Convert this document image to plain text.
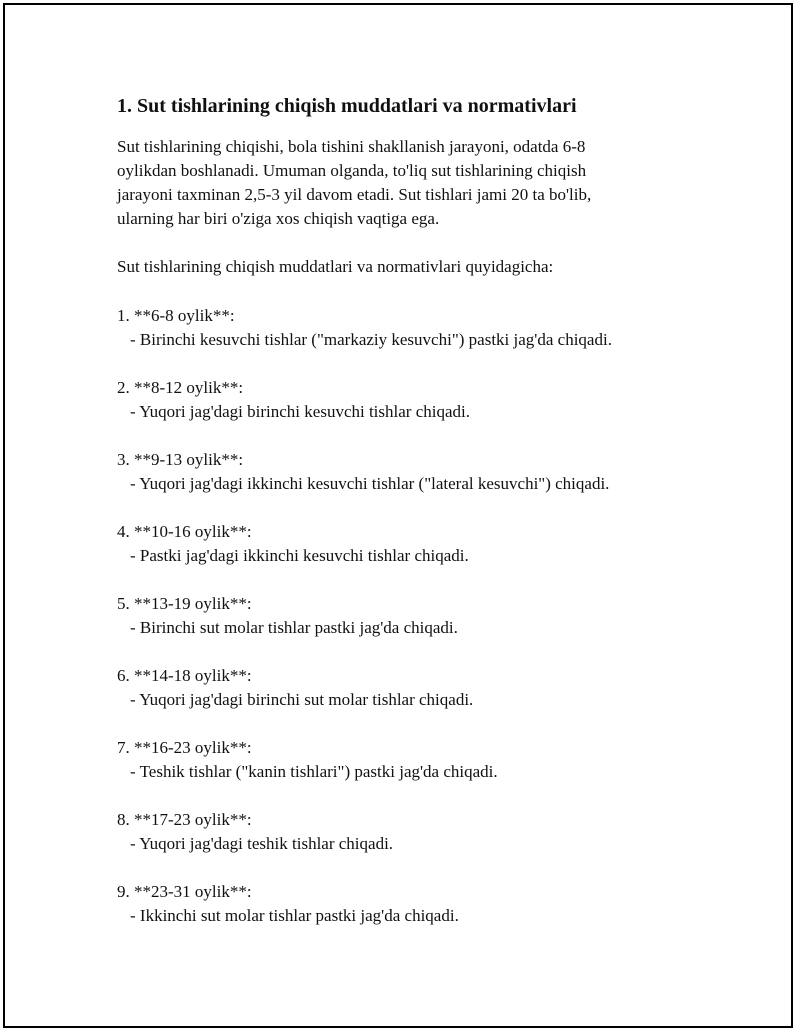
1. Sut tishlarining chiqish muddatlari va normativlari
Sut tishlarining chiqishi, bola tishini shakllanish jarayoni, odatda 6-8
oylikdan boshlanadi. Umuman olganda, to'liq sut tishlarining chiqish
jarayoni taxminan 2,5-3 yil davom etadi. Sut tishlari jami 20 ta bo'lib,
ularning har biri o'ziga xos chiqish vaqtiga ega.
Sut tishlarining chiqish muddatlari va normativlari quyidagicha:
1. **6-8 oylik**:
- Birinchi kesuvchi tishlar ("markaziy kesuvchi") pastki jag'da chiqadi.
2. **8-12 oylik**:
- Yuqori jag'dagi birinchi kesuvchi tishlar chiqadi.
3. **9-13 oylik**:
- Yuqori jag'dagi ikkinchi kesuvchi tishlar ("lateral kesuvchi") chiqadi.
4. **10-16 oylik**:
- Pastki jag'dagi ikkinchi kesuvchi tishlar chiqadi.
5. **13-19 oylik**:
- Birinchi sut molar tishlar pastki jag'da chiqadi.
6. **14-18 oylik**:
- Yuqori jag'dagi birinchi sut molar tishlar chiqadi.
7. **16-23 oylik**:
- Teshik tishlar ("kanin tishlari") pastki jag'da chiqadi.
8. **17-23 oylik**:
- Yuqori jag'dagi teshik tishlar chiqadi.
9. **23-31 oylik**:
- Ikkinchi sut molar tishlar pastki jag'da chiqadi.
